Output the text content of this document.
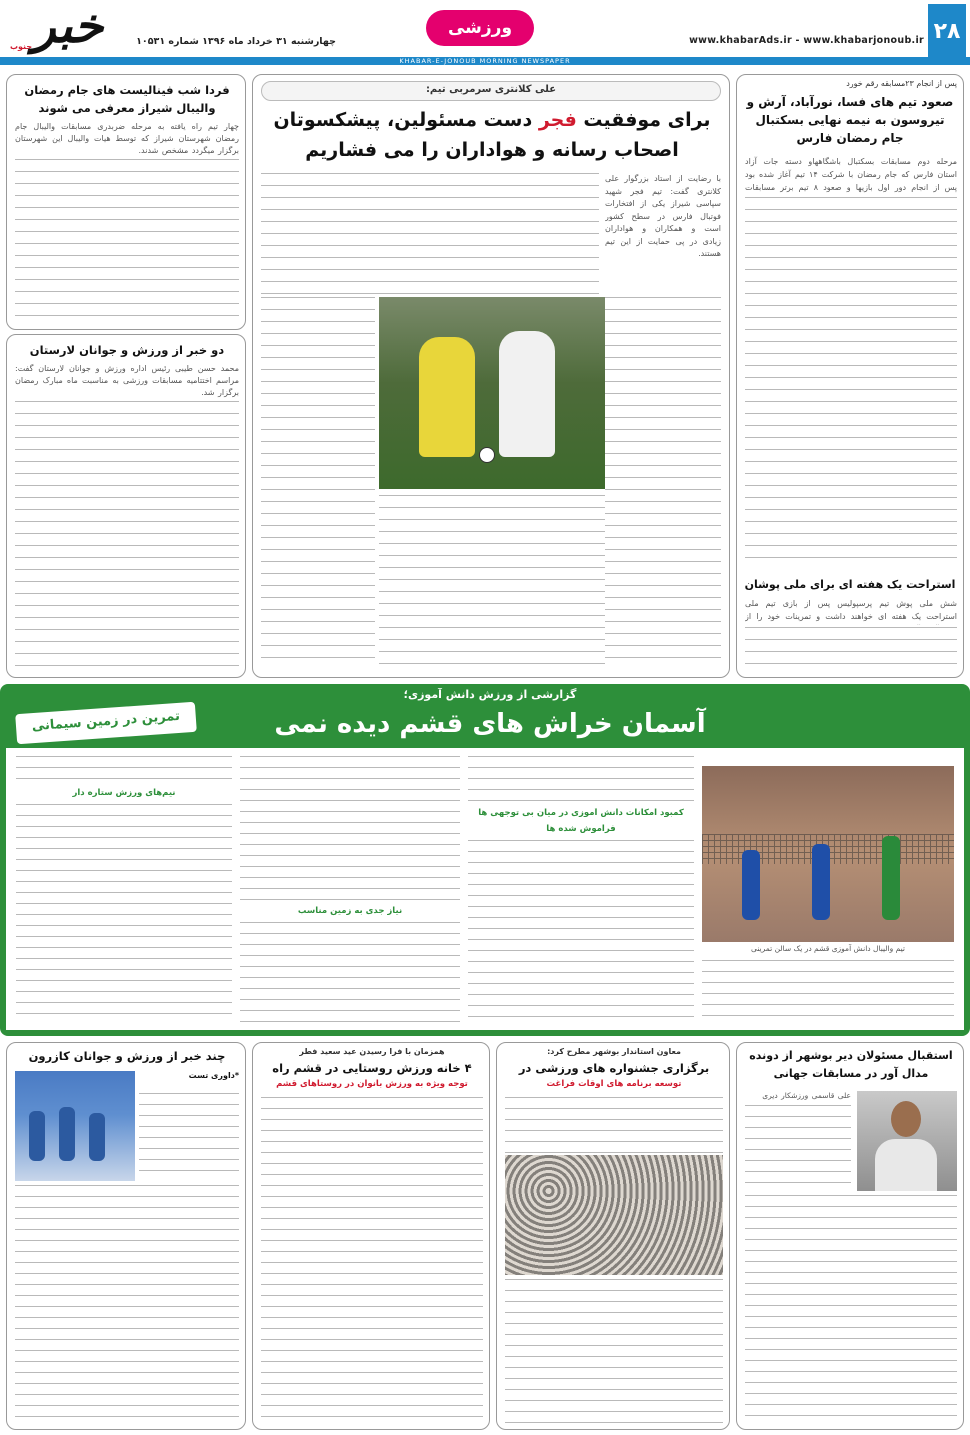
۲۸
www.khabarAds.ir - www.khabarjonoub.ir
ورزشی
چهارشنبه ۳۱ خرداد ماه ۱۳۹۶ شماره ۱۰۵۳۱
خبر
جنوب
KHABAR-E-JONOUB MORNING NEWSPAPER
پس از انجام ۲۳مسابقه رقم خورد
صعود تیم های فسا، نورآباد، آرش و تیروسون به نیمه نهایی بسکتبال جام رمضان فارس
مرحله دوم مسابقات بسکتبال باشگاههاو دسته جات آزاد استان فارس که جام رمضان با شرکت ۱۴ تیم آغاز شده بود پس از انجام دور اول بازیها و صعود ۸ تیم برتر مسابقات
استراحت یک هفته ای برای ملی پوشان
شش ملی پوش تیم پرسپولیس پس از بازی تیم ملی استراحت یک هفته ای خواهند داشت و تمرینات خود را از
علی کلانتری سرمربی تیم:
برای موفقیت فجر دست مسئولین، پیشکسوتان اصحاب رسانه و هواداران را می فشاریم
با رضایت از استاد بزرگوار علی کلانتری گفت: تیم فجر شهید سپاسی شیراز یکی از افتخارات فوتبال فارس در سطح کشور است و همکاران و هواداران زیادی در پی حمایت از این تیم هستند.
فردا شب فینالیست های جام رمضان والیبال شیراز معرفی می شوند
چهار تیم راه یافته به مرحله ضربدری مسابقات والیبال جام رمضان شهرستان شیراز که توسط هیات والیبال این شهرستان برگزار میگردد مشخص شدند.
دو خبر از ورزش و جوانان لارستان
محمد حسن طیبی رئیس اداره ورزش و جوانان لارستان گفت: مراسم اختتامیه مسابقات ورزشی به مناسبت ماه مبارک رمضان برگزار شد.
گزارشی از ورزش دانش آموزی؛
آسمان خراش های قشم دیده نمی
تمرین در زمین سیمانی
تیم والیبال دانش آموزی قشم در یک سالن تمرینی
کمبود امکانات دانش آموزی در میان بی توجهی ها
فراموش شده ها
نیاز جدی به زمین مناسب
نیم‌های ورزش ستاره دار
استقبال مسئولان دیر بوشهر از دونده مدال آور در مسابقات جهانی
علی قاسمی ورزشکار دیری
معاون استاندار بوشهر مطرح کرد:
برگزاری جشنواره های ورزشی در
توسعه برنامه های اوقات فراغت
همزمان با فرا رسیدن عید سعید فطر
۴ خانه ورزش روستایی در قشم راه
توجه ویژه به ورزش بانوان در روستاهای قشم
چند خبر از ورزش و جوانان کازرون
*داوری تست
